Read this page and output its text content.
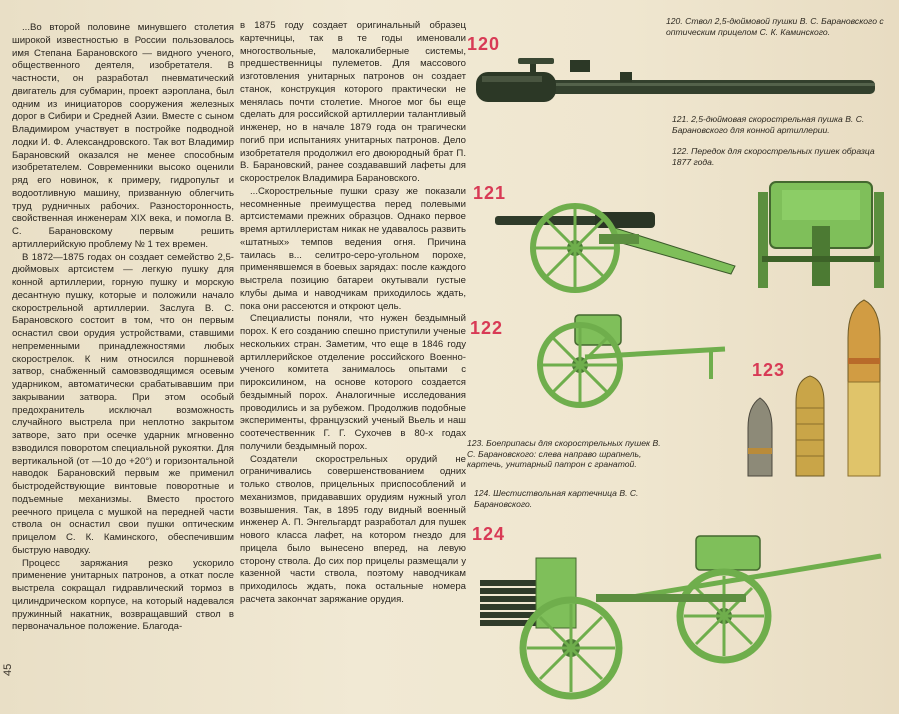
45

...Во второй половине минувшего столетия широкой известностью в России пользовалось имя Степана Барановского — видного ученого, общественного деятеля, изобретателя. В частности, он разработал пневматический двигатель для субмарин, проект аэроплана, был одним из инициаторов сооружения железных дорог в Сибири и Средней Азии. Вместе с сыном Владимиром участвует в постройке подводной лодки И. Ф. Александровского. Так вот Владимир Барановский оказался не менее способным изобретателем. Современники высоко оценили ряд его новинок, к примеру, гидропульт и водоотливную машину, призванную облегчить труд рудничных рабочих. Разносторонность, свойственная инженерам XIX века, и помогла В. С. Барановскому первым решить артиллерийскую проблему № 1 тех времен.

В 1872—1875 годах он создает семейство 2,5-дюймовых артсистем — легкую пушку для конной артиллерии, горную пушку и морскую десантную пушку, которые и положили начало скорострельной артиллерии. Заслуга В. С. Барановского состоит в том, что он первым оснастил свои орудия устройствами, ставшими непременными принадлежностями любых скорострелок. К ним относился поршневой затвор, снабженный самовзводящимся осевым ударником, автоматически срабатывавшим при закрывании затвора. При этом особый предохранитель исключал возможность случайного выстрела при неплотно закрытом затворе, зато при осечке ударник мгновенно взводился поворотом специальной рукоятки. Для вертикальной (от —10 до +20°) и горизонтальной наводок Барановский первым же применил быстродействующие винтовые поворотные и подъемные механизмы. Вместо простого реечного прицела с мушкой на передней части ствола он оснастил свои пушки оптическим прицелом С. К. Каминского, обеспечившим быструю наводку.

Процесс заряжания резко ускорило применение унитарных патронов, а откат после выстрела сокращал гидравлический тормоз в цилиндрическом корпусе, на который надевался пружинный накатник, возвращавший ствол в первоначальное положение. Благода-

в 1875 году создает оригинальный образец картечницы, так в те годы именовали многоствольные, малокалиберные системы, предшественницы пулеметов. Для массового изготовления унитарных патронов он создает станок, конструкция которого практически не менялась почти столетие. Многое мог бы еще сделать для российской артиллерии талантливый инженер, но в начале 1879 года он трагически погиб при испытаниях унитарных патронов. Дело изобретателя продолжил его двоюродный брат П. В. Барановский, ранее создававший лафеты для скорострелок Владимира Барановского.

...Скорострельные пушки сразу же показали несомненные преимущества перед полевыми артсистемами прежних образцов. Однако первое время артиллеристам никак не удавалось развить «штатных» темпов ведения огня. Причина таилась в... селитро-серо-угольном порохе, применявшемся в боевых зарядах: после каждого выстрела позицию батареи окутывали густые клубы дыма и наводчикам приходилось ждать, пока они рассеются и откроют цель.

Специалисты поняли, что нужен бездымный порох. К его созданию спешно приступили ученые нескольких стран. Заметим, что еще в 1846 году артиллерийское отделение российского Военно-ученого комитета занималось опытами с пироксилином, на основе которого создается бездымный порох. Аналогичные исследования проводились и за рубежом. Продолжив подобные эксперименты, французский ученый Вьель и наш соотечественник Г. Г. Сухочев в 80-х годах получили бездымный порох.

Создатели скорострельных орудий не ограничивались совершенствованием одних только стволов, прицельных приспособлений и механизмов, придававших орудиям нужный угол возвышения. Так, в 1895 году видный военный инженер А. П. Энгельгардт разработал для пушек нового класса лафет, на котором гнездо для прицела было вынесено вперед, на левую сторону ствола. До сих пор прицелы размещали у казенной части ствола, поэтому наводчикам приходилось ждать, пока остальные номера расчета закончат заряжание орудия.

120

120. Ствол 2,5-дюймовой пушки В. С. Барановского с оптическим прицелом С. К. Каминского.

121. 2,5-дюймовая скорострельная пушка В. С. Барановского для конной артиллерии.

122. Передок для скорострельных пушек образца 1877 года.

121
122
123

123. Боеприпасы для скорострельных пушек В. С. Барановского: слева направо шрапнель, картечь, унитарный патрон с гранатой.

124. Шестиствольная картечница В. С. Барановского.

124
